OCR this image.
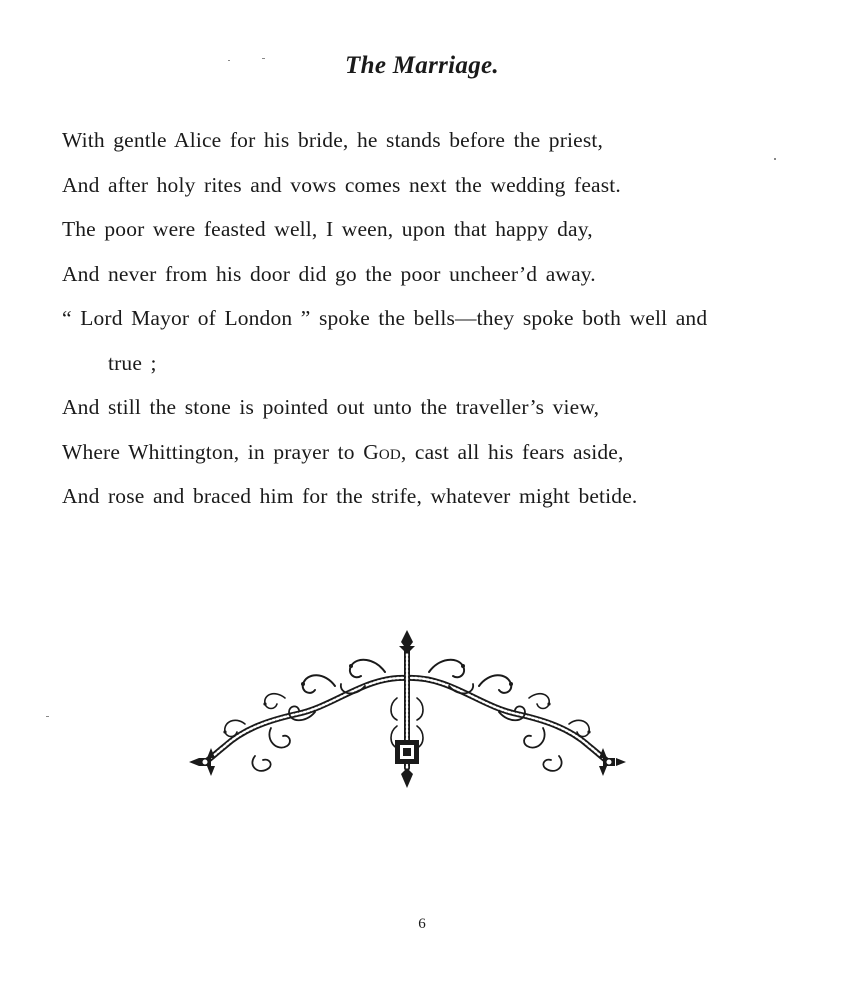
The Marriage.
With gentle Alice for his bride, he stands before the priest,
And after holy rites and vows comes next the wedding feast.
The poor were feasted well, I ween, upon that happy day,
And never from his door did go the poor uncheer’d away.
“ Lord Mayor of London ” spoke the bells—they spoke both well and
true ;
And still the stone is pointed out unto the traveller’s view,
Where Whittington, in prayer to God, cast all his fears aside,
And rose and braced him for the strife, whatever might betide.
6
